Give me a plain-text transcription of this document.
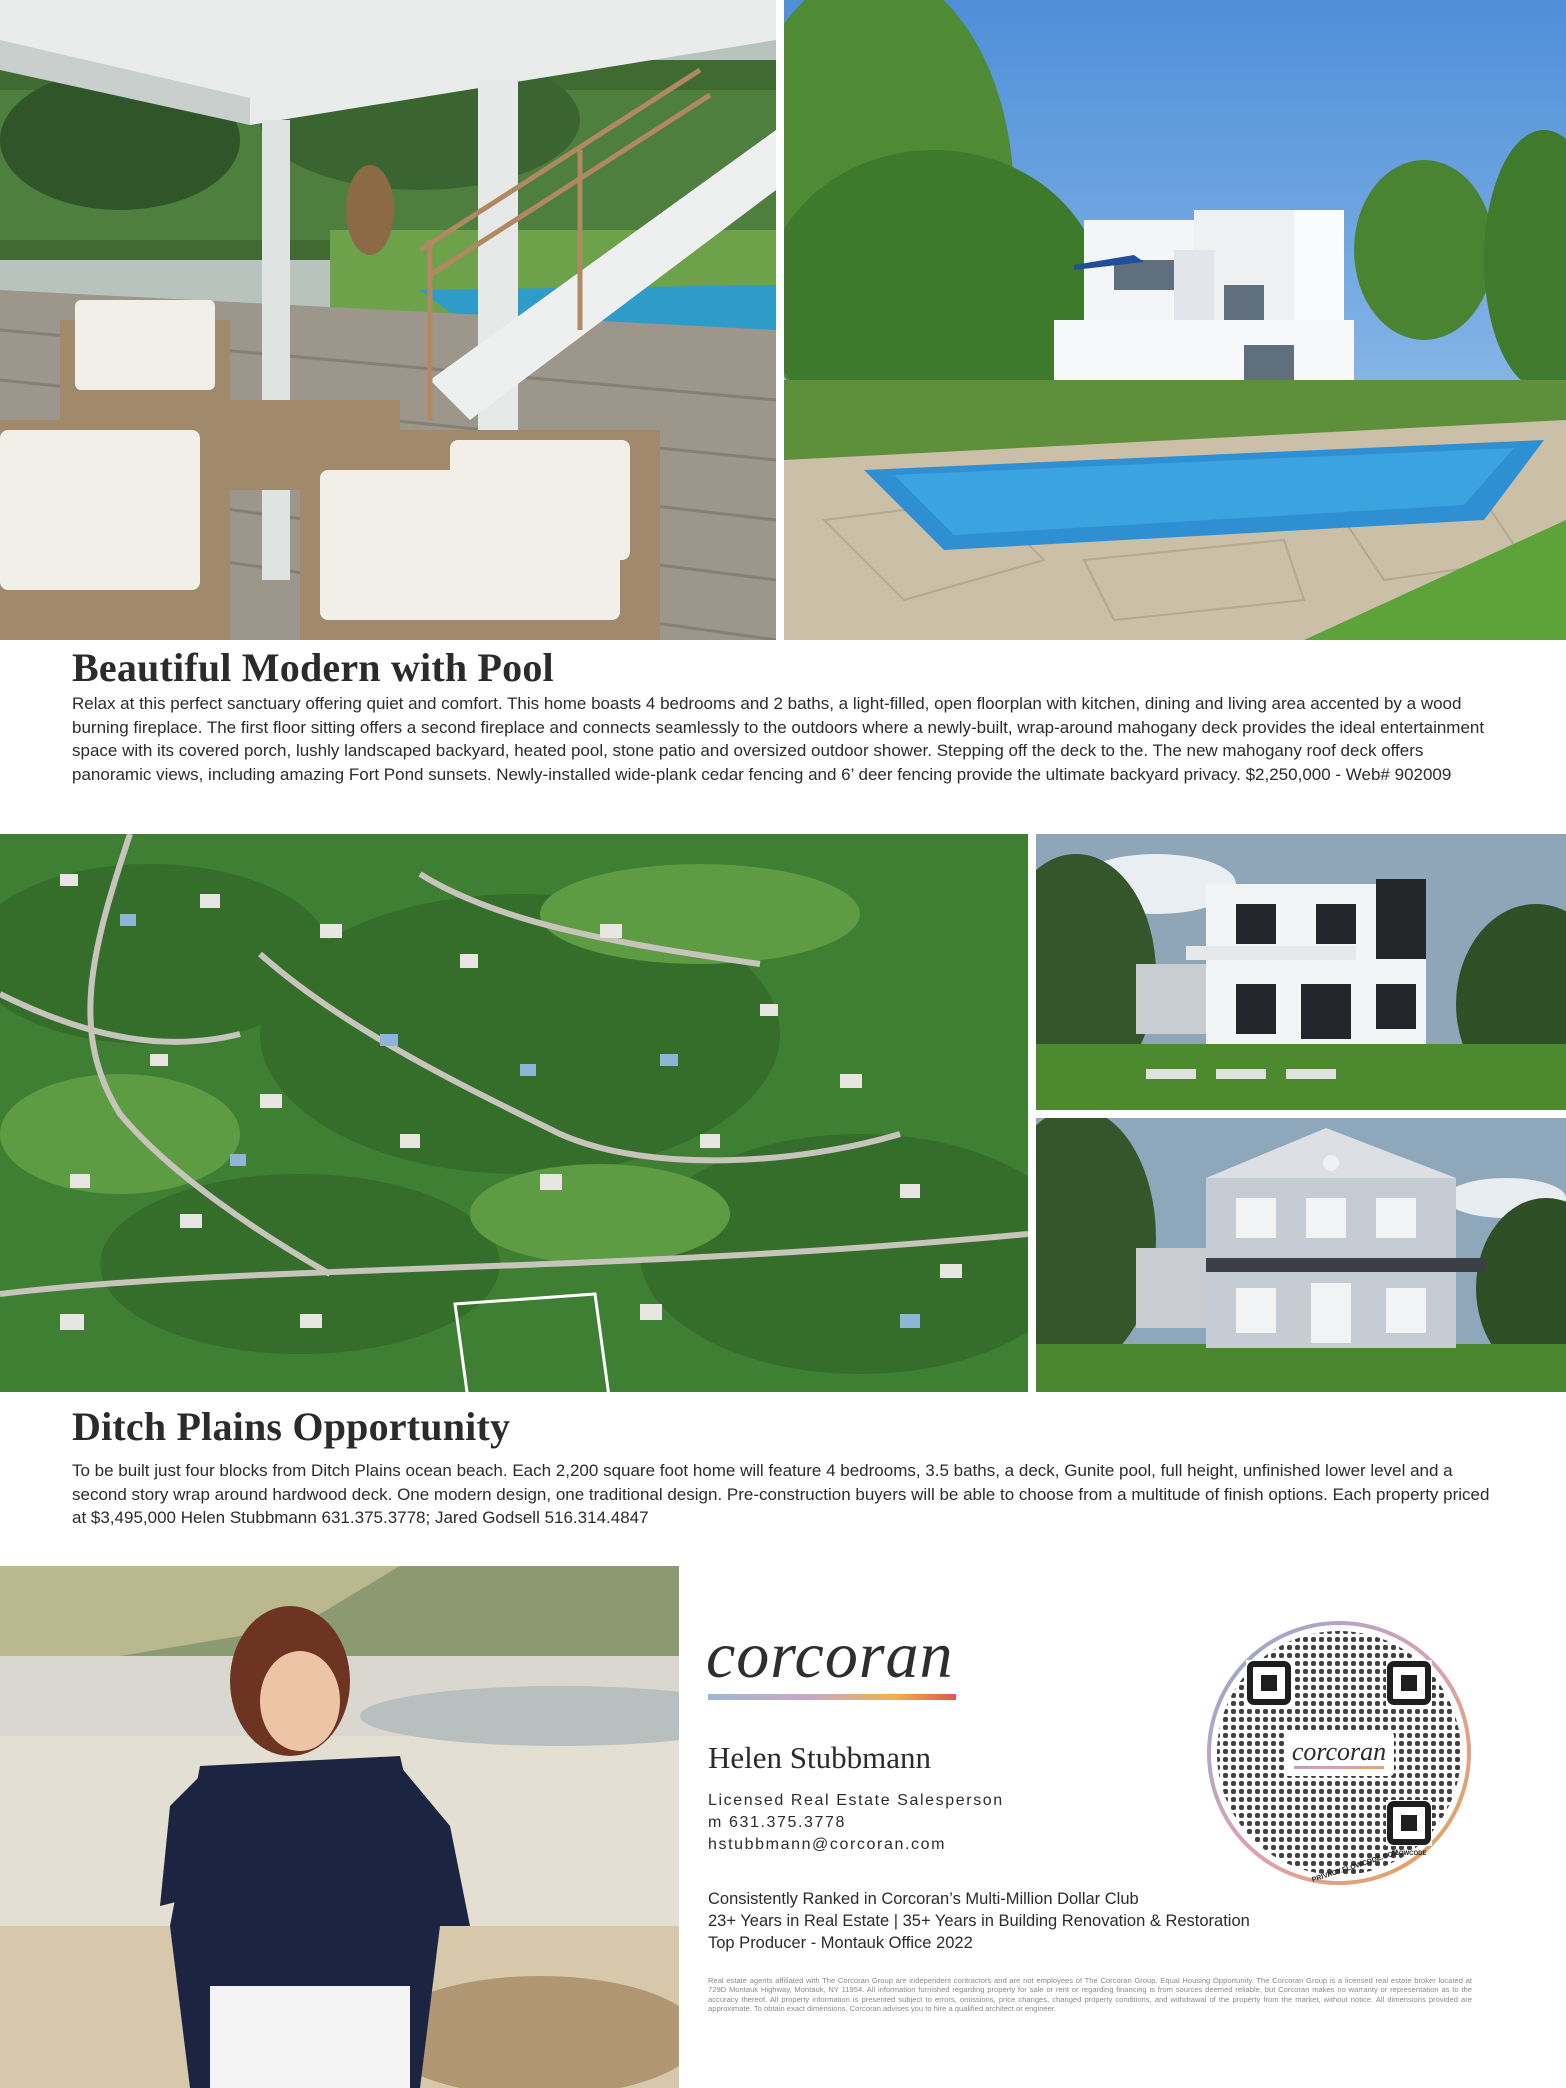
Beautiful Modern with Pool

Relax at this perfect sanctuary offering quiet and comfort. This home boasts 4 bedrooms and 2 baths, a light-filled, open floorplan with kitchen, dining and living area accented by a wood burning fireplace. The first floor sitting offers a second fireplace and connects seamlessly to the outdoors where a newly-built, wrap-around mahogany deck provides the ideal entertainment space with its covered porch, lushly landscaped backyard, heated pool, stone patio and oversized outdoor shower. Stepping off the deck to the. The new mahogany roof deck offers panoramic views, including amazing Fort Pond sunsets. Newly-installed wide-plank cedar fencing and 6’ deer fencing provide the ultimate backyard privacy. $2,250,000 - Web# 902009

Ditch Plains Opportunity

To be built just four blocks from Ditch Plains ocean beach. Each 2,200 square foot home will feature 4 bedrooms, 3.5 baths, a deck, Gunite pool, full height, unfinished lower level and a second story wrap around hardwood deck. One modern design, one traditional design. Pre-construction buyers will be able to choose from a multitude of finish options. Each property priced at $3,495,000 Helen Stubbmann 631.375.3778; Jared Godsell 516.314.4847

corcoran
Helen Stubbmann
Licensed Real Estate Salesperson
m 631.375.3778
hstubbmann@corcoran.com
Consistently Ranked in Corcoran’s Multi-Million Dollar Club
23+ Years in Real Estate | 35+ Years in Building Renovation & Restoration
Top Producer - Montauk Office 2022

Real estate agents affiliated with The Corcoran Group are independent contractors and are not employees of The Corcoran Group. Equal Housing Opportunity. The Corcoran Group is a licensed real estate broker located at 729D Montauk Highway, Montauk, NY 11954. All information furnished regarding property for sale or rent or regarding financing is from sources deemed reliable, but Corcoran makes no warranty or representation as to the accuracy thereof. All property information is presented subject to errors, omissions, price changes, changed property conditions, and withdrawal of the property from the market, without notice. All dimensions provided are approximate. To obtain exact dimensions, Corcoran advises you to hire a qualified architect or engineer.

corcoran
FLOWCODE
PRIVACY.FLOWCODE.COM
